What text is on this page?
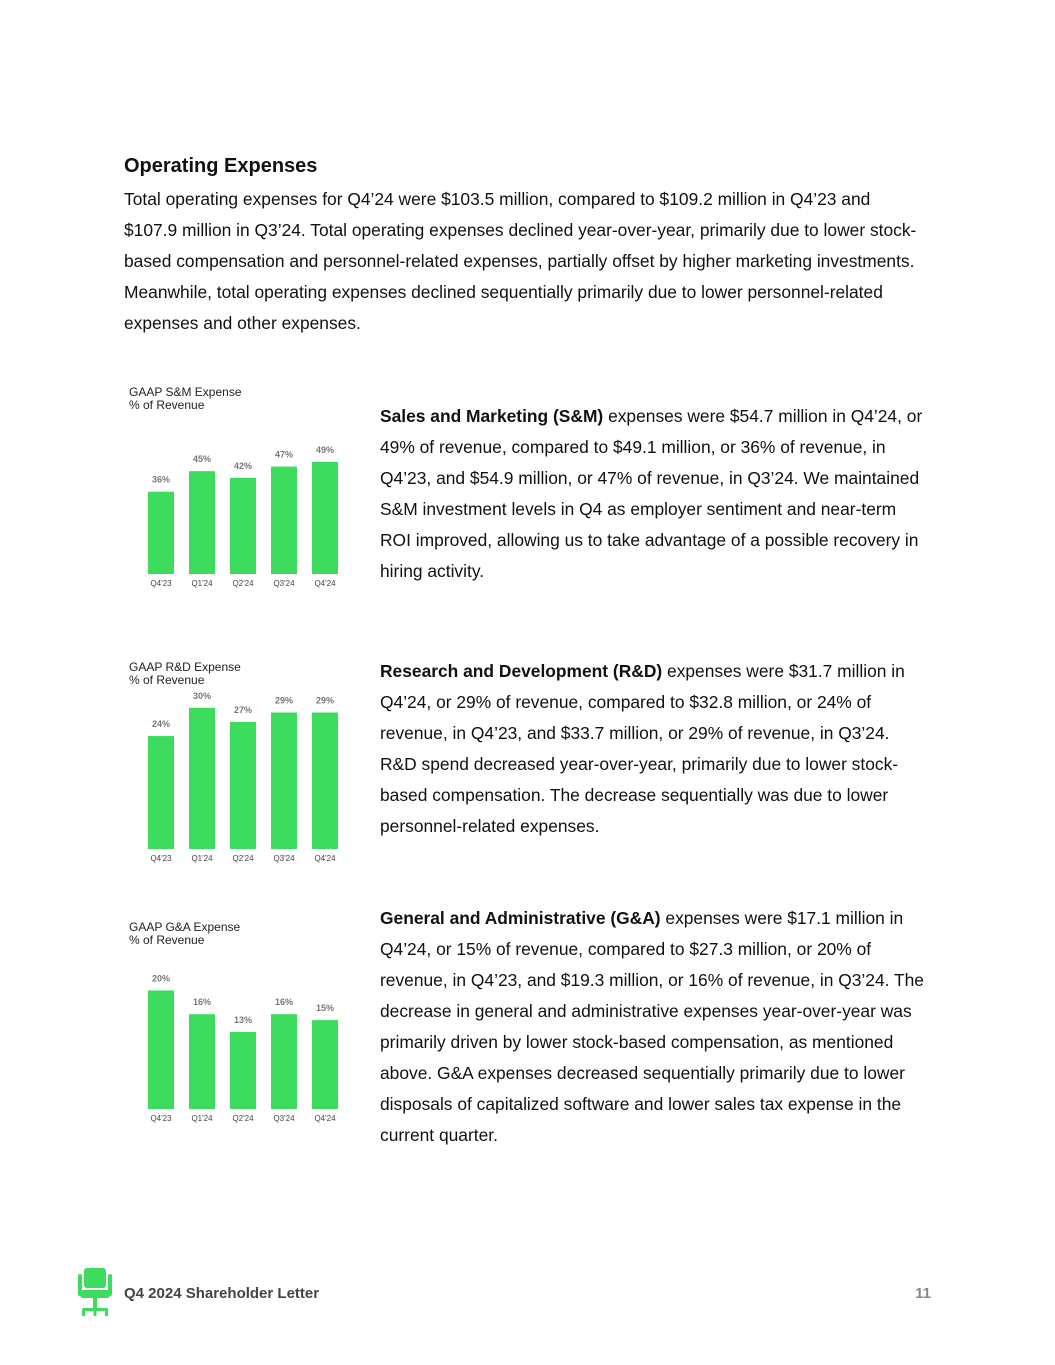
Operating Expenses

Total operating expenses for Q4’24 were $103.5 million, compared to $109.2 million in Q4’23 and $107.9 million in Q3’24. Total operating expenses declined year-over-year, primarily due to lower stock-based compensation and personnel-related expenses, partially offset by higher marketing investments. Meanwhile, total operating expenses declined sequentially primarily due to lower personnel-related expenses and other expenses.

GAAP S&M Expense
% of Revenue
36%
Q4'23
45%
Q1'24
42%
Q2'24
47%
Q3'24
49%
Q4'24

Sales and Marketing (S&M) expenses were $54.7 million in Q4’24, or 49% of revenue, compared to $49.1 million, or 36% of revenue, in Q4’23, and $54.9 million, or 47% of revenue, in Q3’24. We maintained S&M investment levels in Q4 as employer sentiment and near-term ROI improved, allowing us to take advantage of a possible recovery in hiring activity.

GAAP R&D Expense
% of Revenue
24%
Q4'23
30%
Q1'24
27%
Q2'24
29%
Q3'24
29%
Q4'24

Research and Development (R&D) expenses were $31.7 million in Q4’24, or 29% of revenue, compared to $32.8 million, or 24% of revenue, in Q4’23, and $33.7 million, or 29% of revenue, in Q3’24. R&D spend decreased year-over-year, primarily due to lower stock-based compensation. The decrease sequentially was due to lower personnel-related expenses.

GAAP G&A Expense
% of Revenue
20%
Q4'23
16%
Q1'24
13%
Q2'24
16%
Q3'24
15%
Q4'24

General and Administrative (G&A) expenses were $17.1 million in Q4’24, or 15% of revenue, compared to $27.3 million, or 20% of revenue, in Q4’23, and $19.3 million, or 16% of revenue, in Q3’24. The decrease in general and administrative expenses year-over-year was primarily driven by lower stock-based compensation, as mentioned above. G&A expenses decreased sequentially primarily due to lower disposals of capitalized software and lower sales tax expense in the current quarter.

Q4 2024 Shareholder Letter	11
